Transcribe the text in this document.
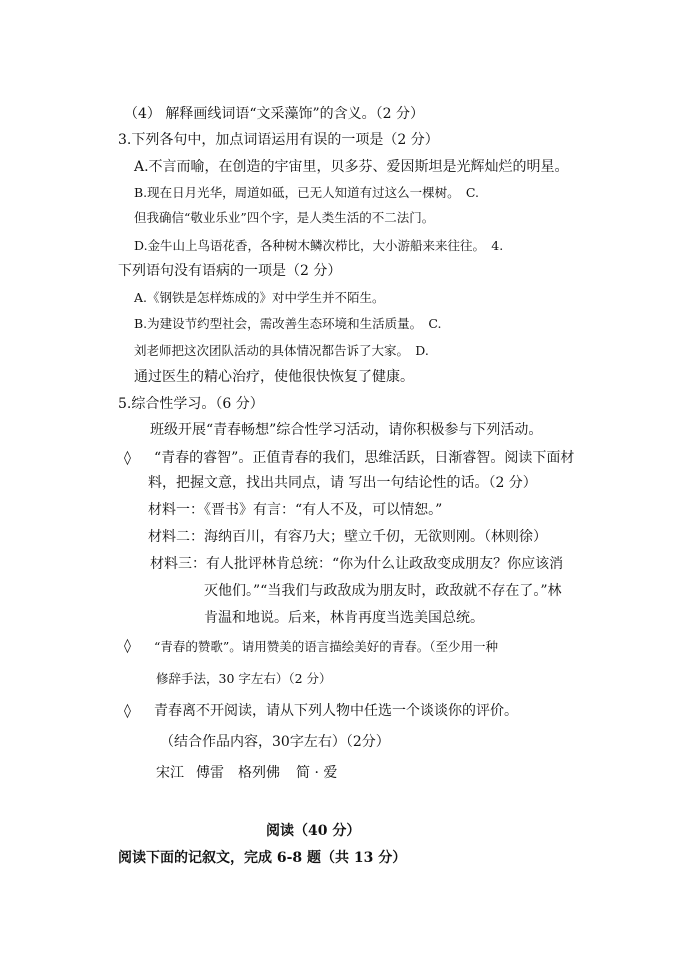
（4） 解释画线词语“文采藻饰”的含义。（2 分）
3.下列各句中，加点词语运用有误的一项是（2 分）
A.不言而喻，在创造的宇宙里，贝多芬、爱因斯坦是光辉灿烂的明星。
B.现在日月光华，周道如砥，已无人知道有过这么一棵树。　C.
但我确信“敬业乐业”四个字，是人类生活的不二法门。
D.金牛山上鸟语花香，各种树木鳞次栉比，大小游船来来往往。　4.
下列语句没有语病的一项是（2 分）
A.《钢铁是怎样炼成的》对中学生并不陌生。
B.为建设节约型社会，需改善生态环境和生活质量。　C.
刘老师把这次团队活动的具体情况都告诉了大家。　D.
通过医生的精心治疗，使他很快恢复了健康。
5.综合性学习。（6 分）
班级开展“青春畅想”综合性学习活动，请你积极参与下列活动。
◊ “青春的睿智”。正值青春的我们，思维活跃，日渐睿智。阅读下面材
料，把握文意，找出共同点，请 写出一句结论性的话。（2 分）
材料一：《晋书》有言：“有人不及，可以情恕。”
材料二：海纳百川，有容乃大；壁立千仞，无欲则刚。（林则徐）
材料三：有人批评林肯总统：“你为什么让政敌变成朋友？你应该消
灭他们。”“当我们与政敌成为朋友时，政敌就不存在了。”林
肯温和地说。后来，林肯再度当选美国总统。
◊ “青春的赞歌”。请用赞美的语言描绘美好的青春。（至少用一种
修辞手法，30 字左右）（2 分）
◊ 青春离不开阅读，请从下列人物中任选一个谈谈你的评价。
（结合作品内容，30字左右）（2分）
宋江 傅雷 格列佛 简 · 爱
阅读（40 分）
阅读下面的记叙文，完成 6-8 题（共 13 分）
